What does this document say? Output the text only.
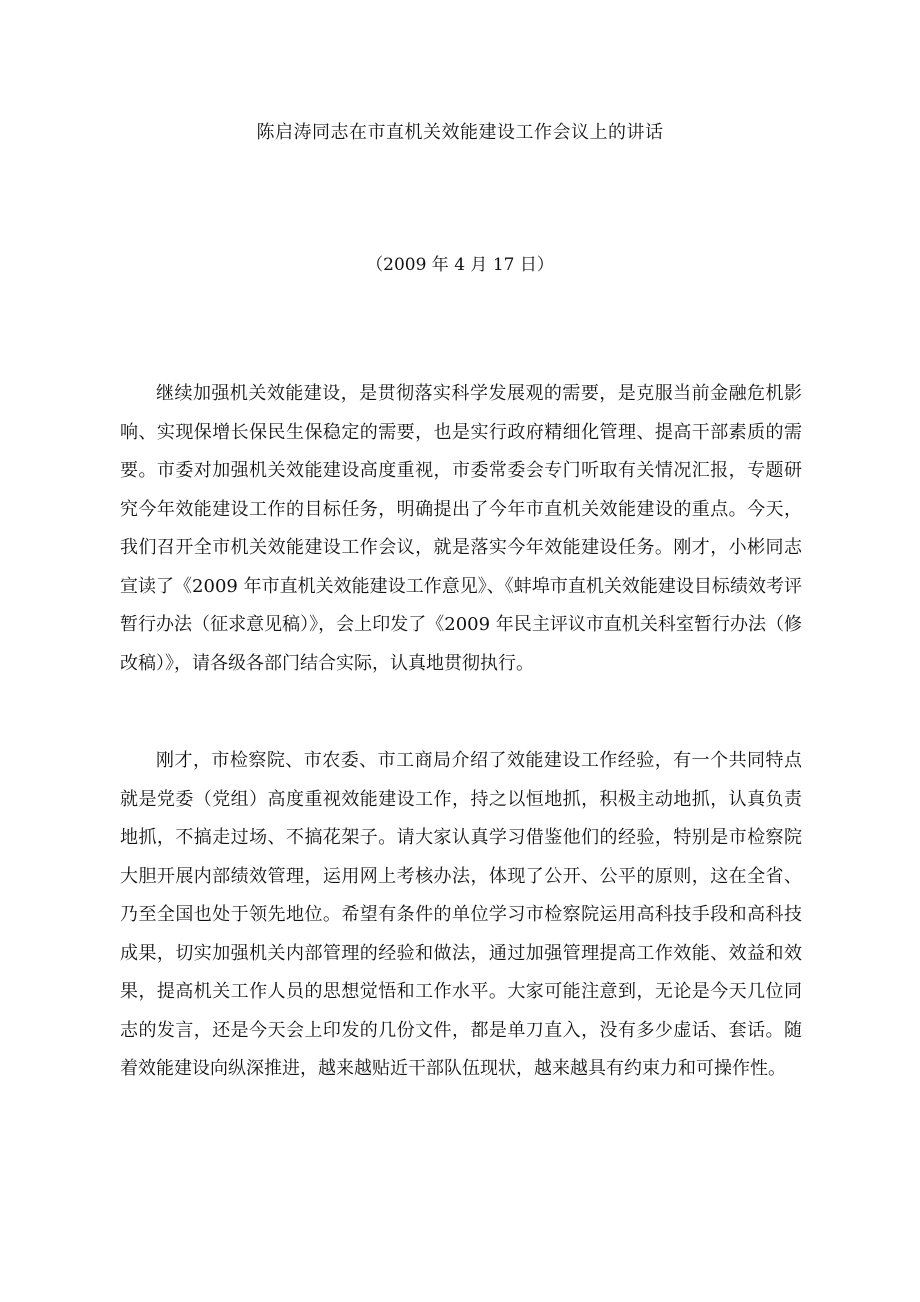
陈启涛同志在市直机关效能建设工作会议上的讲话
（2009 年 4 月 17 日）

继续加强机关效能建设，是贯彻落实科学发展观的需要，是克服当前金融危机影响、实现保增长保民生保稳定的需要，也是实行政府精细化管理、提高干部素质的需要。市委对加强机关效能建设高度重视，市委常委会专门听取有关情况汇报，专题研究今年效能建设工作的目标任务，明确提出了今年市直机关效能建设的重点。今天，我们召开全市机关效能建设工作会议，就是落实今年效能建设任务。刚才，小彬同志宣读了《2009 年市直机关效能建设工作意见》、《蚌埠市直机关效能建设目标绩效考评暂行办法（征求意见稿）》，会上印发了《2009 年民主评议市直机关科室暂行办法（修改稿）》，请各级各部门结合实际，认真地贯彻执行。

刚才，市检察院、市农委、市工商局介绍了效能建设工作经验，有一个共同特点就是党委（党组）高度重视效能建设工作，持之以恒地抓，积极主动地抓，认真负责地抓，不搞走过场、不搞花架子。请大家认真学习借鉴他们的经验，特别是市检察院大胆开展内部绩效管理，运用网上考核办法，体现了公开、公平的原则，这在全省、乃至全国也处于领先地位。希望有条件的单位学习市检察院运用高科技手段和高科技成果，切实加强机关内部管理的经验和做法，通过加强管理提高工作效能、效益和效果，提高机关工作人员的思想觉悟和工作水平。大家可能注意到，无论是今天几位同志的发言，还是今天会上印发的几份文件，都是单刀直入，没有多少虚话、套话。随着效能建设向纵深推进，越来越贴近干部队伍现状，越来越具有约束力和可操作性。
